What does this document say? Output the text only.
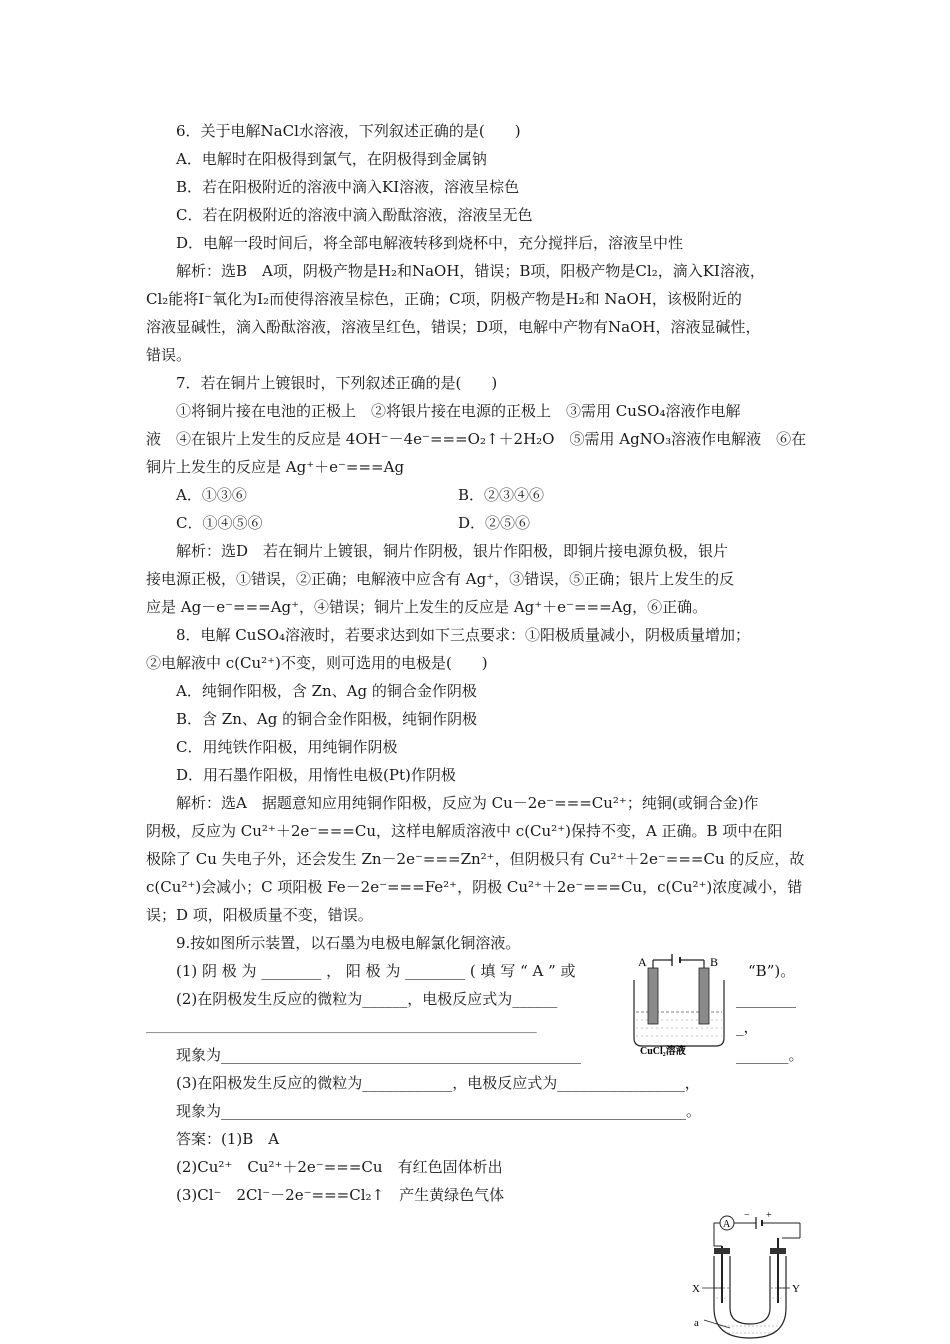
6．关于电解NaCl水溶液，下列叙述正确的是(　　)
A．电解时在阳极得到氯气，在阴极得到金属钠
B．若在阳极附近的溶液中滴入KI溶液，溶液呈棕色
C．若在阴极附近的溶液中滴入酚酞溶液，溶液呈无色
D．电解一段时间后，将全部电解液转移到烧杯中，充分搅拌后，溶液呈中性
解析：选B　A项，阴极产物是H₂和NaOH，错误；B项，阳极产物是Cl₂，滴入KI溶液，
Cl₂能将I⁻氧化为I₂而使得溶液呈棕色，正确；C项，阴极产物是H₂和 NaOH，该极附近的
溶液显碱性，滴入酚酞溶液，溶液呈红色，错误；D项，电解中产物有NaOH，溶液显碱性，
错误。
7．若在铜片上镀银时，下列叙述正确的是(　　)
①将铜片接在电池的正极上　②将银片接在电源的正极上　③需用 CuSO₄溶液作电解
液　④在银片上发生的反应是 4OH⁻－4e⁻===O₂↑＋2H₂O　⑤需用 AgNO₃溶液作电解液　⑥在
铜片上发生的反应是 Ag⁺＋e⁻===Ag
A．①③⑥	B．②③④⑥
C．①④⑤⑥	D．②⑤⑥
解析：选D　若在铜片上镀银，铜片作阴极，银片作阳极，即铜片接电源负极，银片
接电源正极，①错误，②正确；电解液中应含有 Ag⁺，③错误，⑤正确；银片上发生的反
应是 Ag－e⁻===Ag⁺，④错误；铜片上发生的反应是 Ag⁺＋e⁻===Ag，⑥正确。
8．电解 CuSO₄溶液时，若要求达到如下三点要求：①阳极质量减小，阴极质量增加；
②电解液中 c(Cu²⁺)不变，则可选用的电极是(　　)
A．纯铜作阳极，含 Zn、Ag 的铜合金作阴极
B．含 Zn、Ag 的铜合金作阳极，纯铜作阴极
C．用纯铁作阳极，用纯铜作阴极
D．用石墨作阳极，用惰性电极(Pt)作阴极
解析：选A　据题意知应用纯铜作阳极，反应为 Cu－2e⁻===Cu²⁺；纯铜(或铜合金)作
阴极，反应为 Cu²⁺＋2e⁻===Cu，这样电解质溶液中 c(Cu²⁺)保持不变，A 正确。B 项中在阳
极除了 Cu 失电子外，还会发生 Zn－2e⁻===Zn²⁺，但阴极只有 Cu²⁺＋2e⁻===Cu 的反应，故
c(Cu²⁺)会减小；C 项阳极 Fe－2e⁻===Fe²⁺，阴极 Cu²⁺＋2e⁻===Cu，c(Cu²⁺)浓度减小，错
误；D 项，阳极质量不变，错误。
9.按如图所示装置，以石墨为电极电解氯化铜溶液。
(1) 阴 极 为 ________ ， 阳 极 为 ________ ( 填 写 “ A ” 或	“B”)。
(2)在阴极发生反应的微粒为______，电极反应式为______	________
______________________________________________________________	_，
现象为________________________________________________	_______。
(3)在阳极发生反应的微粒为____________，电极反应式为_________________，
现象为______________________________________________________________。
A	B
CuCl₂溶液
答案：(1)B　A
(2)Cu²⁺　Cu²⁺＋2e⁻===Cu　有红色固体析出
(3)Cl⁻　2Cl⁻－2e⁻===Cl₂↑　产生黄绿色气体
A
− +
X	Y
a
